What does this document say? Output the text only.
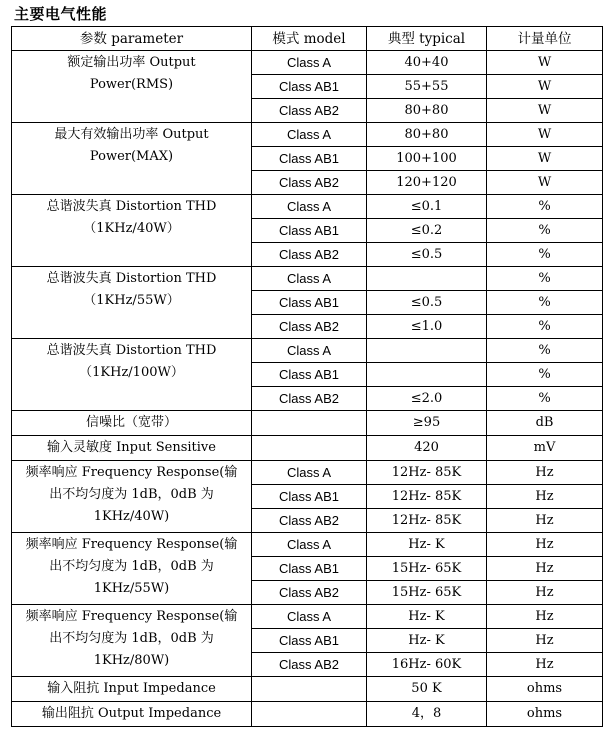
主要电气性能
参数 parameter	模式 model	典型 typical	计量单位

额定输出功率 Output
Power(RMS)	Class A	40+40	W
	Class AB1	55+55	W
	Class AB2	80+80	W

最大有效输出功率 Output
Power(MAX)	Class A	80+80	W
	Class AB1	100+100	W
	Class AB2	120+120	W

总谐波失真 Distortion THD
（1KHz/40W）	Class A	≤0.1	%
	Class AB1	≤0.2	%
	Class AB2	≤0.5	%

总谐波失真 Distortion THD
（1KHz/55W）	Class A		%
	Class AB1	≤0.5	%
	Class AB2	≤1.0	%

总谐波失真 Distortion THD
（1KHz/100W）	Class A		%
	Class AB1		%
	Class AB2	≤2.0	%

信噪比（宽带）		≥95	dB

输入灵敏度 Input Sensitive		420	mV

频率响应 Frequency Response(输
出不均匀度为 1dB，0dB 为
1KHz/40W)	Class A	12Hz- 85K	Hz
	Class AB1	12Hz- 85K	Hz
	Class AB2	12Hz- 85K	Hz

频率响应 Frequency Response(输
出不均匀度为 1dB，0dB 为
1KHz/55W)	Class A	Hz- K	Hz
	Class AB1	15Hz- 65K	Hz
	Class AB2	15Hz- 65K	Hz

频率响应 Frequency Response(输
出不均匀度为 1dB，0dB 为
1KHz/80W)	Class A	Hz- K	Hz
	Class AB1	Hz- K	Hz
	Class AB2	16Hz- 60K	Hz

输入阻抗 Input Impedance		50 K	ohms

输出阻抗 Output Impedance		4，8	ohms
